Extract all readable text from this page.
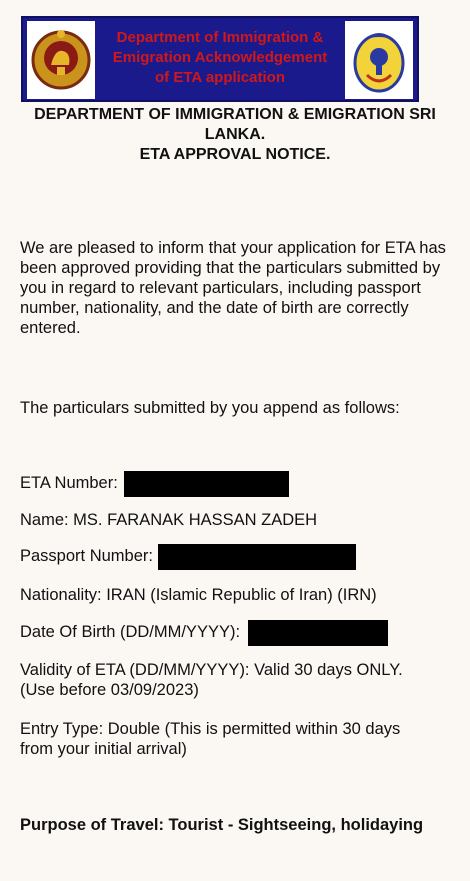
Department of Immigration &
Emigration Acknowledgement
of ETA application
DEPARTMENT OF IMMIGRATION & EMIGRATION SRI
LANKA.
ETA APPROVAL NOTICE.
We are pleased to inform that your application for ETA has been approved providing that the particulars submitted by you in regard to relevant particulars, including passport number, nationality, and the date of birth are correctly entered.
The particulars submitted by you append as follows:
ETA Number:
Name: MS. FARANAK HASSAN ZADEH
Passport Number:
Nationality: IRAN (Islamic Republic of Iran) (IRN)
Date Of Birth (DD/MM/YYYY):
Validity of ETA (DD/MM/YYYY): Valid 30 days ONLY.
(Use before 03/09/2023)
Entry Type: Double (This is permitted within 30 days
from your initial arrival)
Purpose of Travel: Tourist - Sightseeing, holidaying
